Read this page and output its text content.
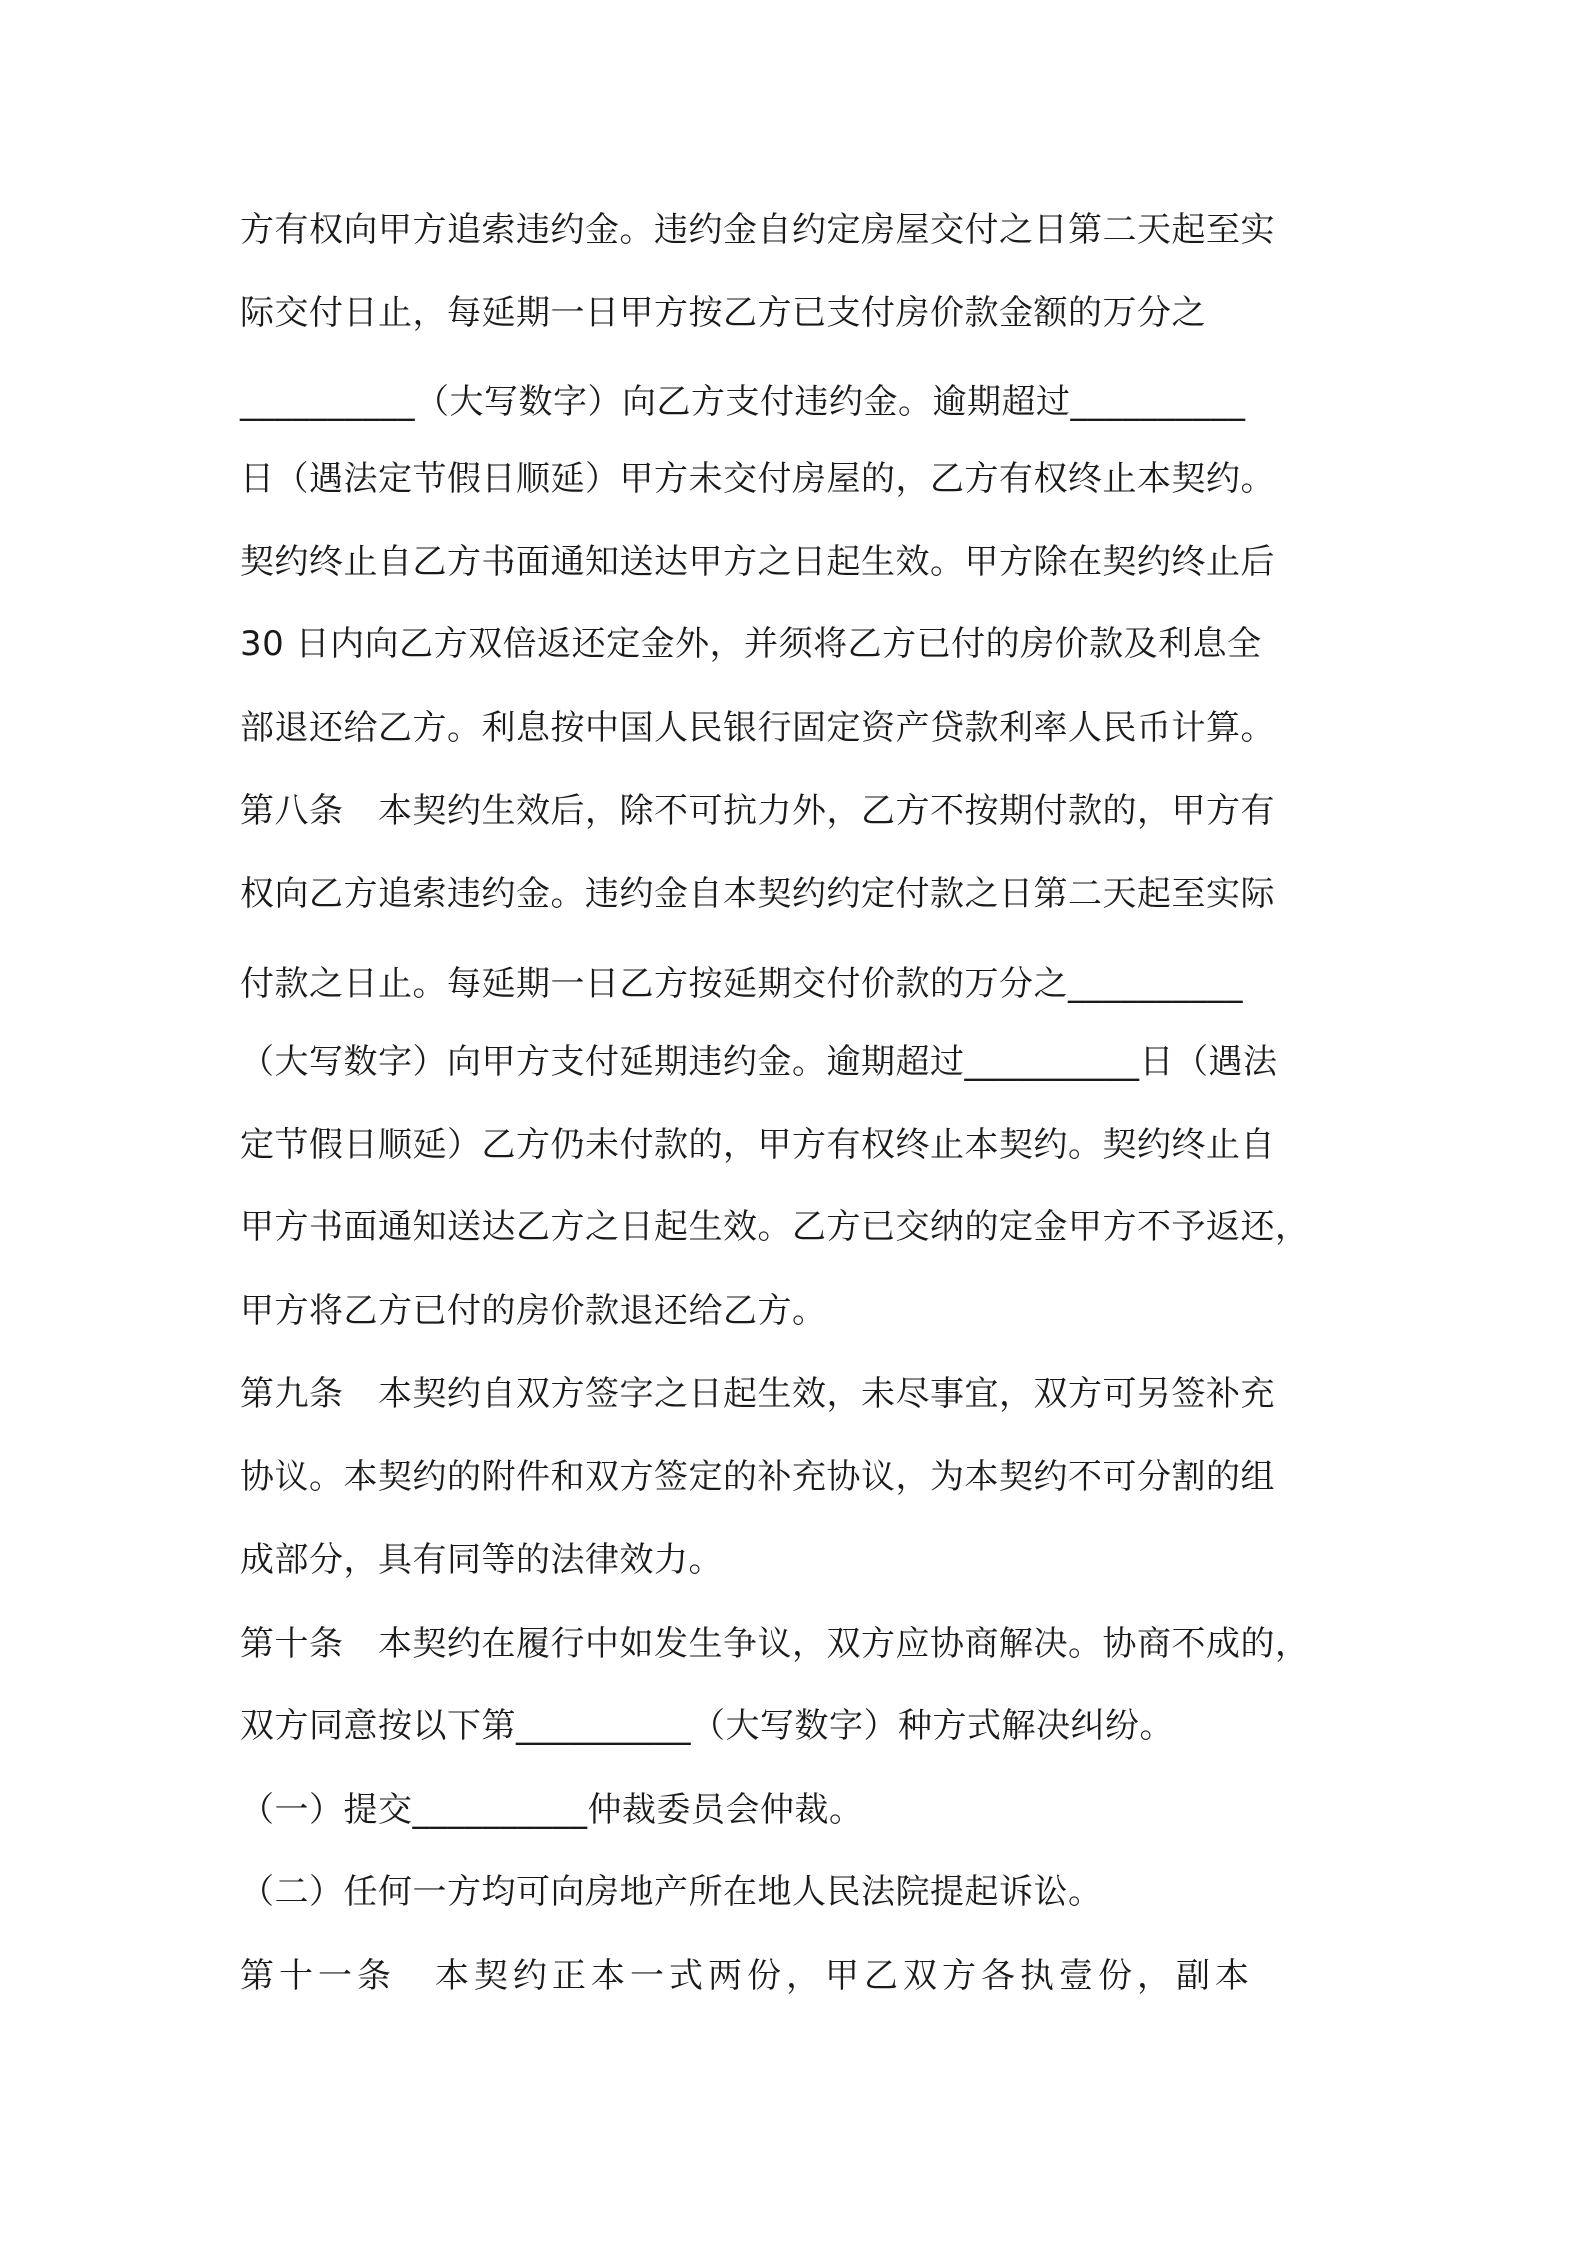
方有权向甲方追索违约金。违约金自约定房屋交付之日第二天起至实
际交付日止，每延期一日甲方按乙方已支付房价款金额的万分之
__________（大写数字）向乙方支付违约金。逾期超过__________
日（遇法定节假日顺延）甲方未交付房屋的，乙方有权终止本契约。
契约终止自乙方书面通知送达甲方之日起生效。甲方除在契约终止后
30 日内向乙方双倍返还定金外，并须将乙方已付的房价款及利息全
部退还给乙方。利息按中国人民银行固定资产贷款利率人民币计算。
第八条　本契约生效后，除不可抗力外，乙方不按期付款的，甲方有
权向乙方追索违约金。违约金自本契约约定付款之日第二天起至实际
付款之日止。每延期一日乙方按延期交付价款的万分之__________
（大写数字）向甲方支付延期违约金。逾期超过__________日（遇法
定节假日顺延）乙方仍未付款的，甲方有权终止本契约。契约终止自
甲方书面通知送达乙方之日起生效。乙方已交纳的定金甲方不予返还，
甲方将乙方已付的房价款退还给乙方。
第九条　本契约自双方签字之日起生效，未尽事宜，双方可另签补充
协议。本契约的附件和双方签定的补充协议，为本契约不可分割的组
成部分，具有同等的法律效力。
第十条　本契约在履行中如发生争议，双方应协商解决。协商不成的，
双方同意按以下第__________（大写数字）种方式解决纠纷。
（一）提交__________仲裁委员会仲裁。
（二）任何一方均可向房地产所在地人民法院提起诉讼。
第十一条　本契约正本一式两份，甲乙双方各执壹份，副本
